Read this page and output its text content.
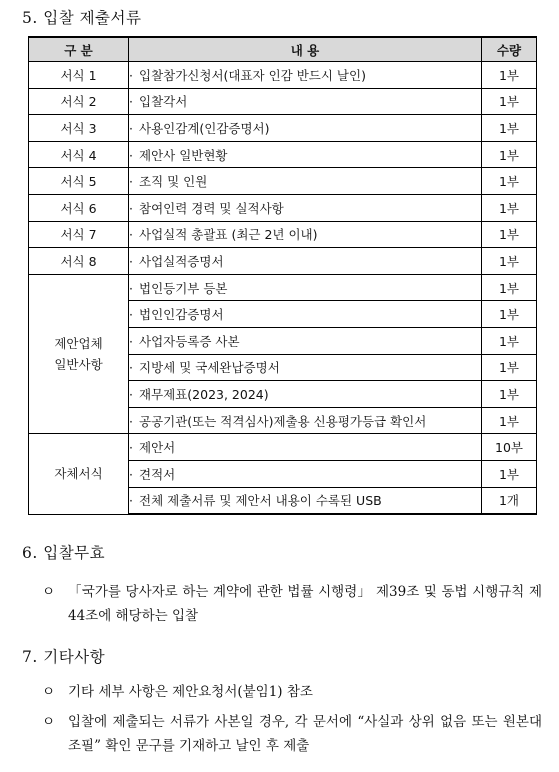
5. 입찰 제출서류
구 분	내 용	수량
서식 1	· 입찰참가신청서(대표자 인감 반드시 날인)	1부
서식 2	· 입찰각서	1부
서식 3	· 사용인감계(인감증명서)	1부
서식 4	· 제안사 일반현황	1부
서식 5	· 조직 및 인원	1부
서식 6	· 참여인력 경력 및 실적사항	1부
서식 7	· 사업실적 총괄표 (최근 2년 이내)	1부
서식 8	· 사업실적증명서	1부
제안업체
일반사항	· 법인등기부 등본	1부
	· 법인인감증명서	1부
	· 사업자등록증 사본	1부
	· 지방세 및 국세완납증명서	1부
	· 재무제표(2023, 2024)	1부
	· 공공기관(또는 적격심사)제출용 신용평가등급 확인서	1부
자체서식	· 제안서	10부
	· 견적서	1부
	· 전체 제출서류 및 제안서 내용이 수록된 USB	1개
6. 입찰무효
ㅇ 「국가를 당사자로 하는 계약에 관한 법률 시행령」 제39조 및 동법 시행규칙 제44조에 해당하는 입찰
7. 기타사항
ㅇ 기타 세부 사항은 제안요청서(붙임1) 참조
ㅇ 입찰에 제출되는 서류가 사본일 경우, 각 문서에 “사실과 상위 없음 또는 원본대조필” 확인 문구를 기재하고 날인 후 제출
